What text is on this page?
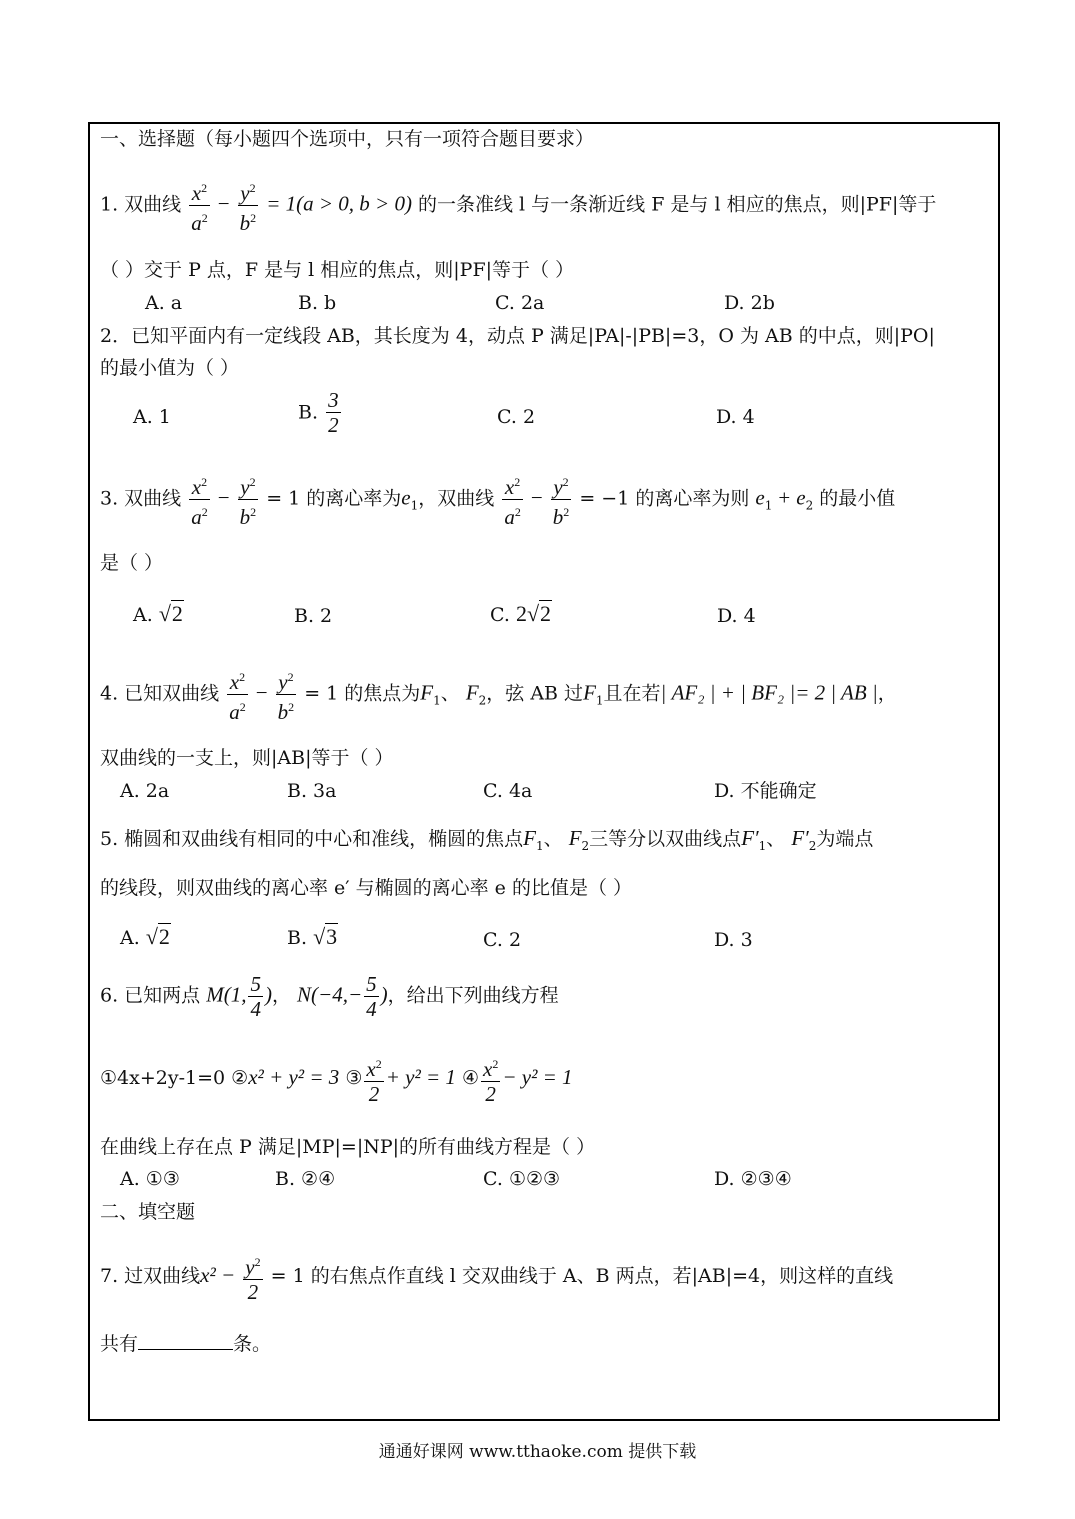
一、选择题（每小题四个选项中，只有一项符合题目要求）
1. 双曲线 $\frac{x^2}{a^2} - \frac{y^2}{b^2} = 1(a > 0$, b > 0) 的一条准线 l 与一条渐近线 F 是与 l 相应的焦点，则|PF|等于
（ ）交于 P 点，F 是与 l 相应的焦点，则|PF|等于（ ）
A. a	B. b	C. 2a	D. 2b
2．已知平面内有一定线段 AB，其长度为 4，动点 P 满足|PA|-|PB|=3，O 为 AB 的中点，则|PO|
的最小值为（ ）
A. 1	B. $\frac{3}{2}$	C. 2	D. 4
3. 双曲线 $\frac{x^2}{a^2} - \frac{y^2}{b^2} = 1$ 的离心率为$e_1$，双曲线 $\frac{x^2}{a^2} - \frac{y^2}{b^2} = -1$ 的离心率为则 $e_1 + e_2$ 的最小值
是（ ）
A. √2	B. 2	C. 2√2	D. 4
4. 已知双曲线 $\frac{x^2}{a^2} - \frac{y^2}{b^2} = 1$ 的焦点为$F_1$、 $F_2$，弦 AB 过$F_1$且在若| AF₂ | + | BF₂ |= 2 | AB |，
双曲线的一支上，则|AB|等于（ ）
A. 2a	B. 3a	C. 4a	D. 不能确定
5. 椭圆和双曲线有相同的中心和准线，椭圆的焦点$F_1$、 $F_2$三等分以双曲线点$F'_1$、 $F'_2$为端点
的线段，则双曲线的离心率 e′ 与椭圆的离心率 e 的比值是（ ）
A. √2	B. √3	C. 2	D. 3
6. 已知两点 M(1, $\frac{5}{4}$ )， $N(-4,- \frac{5}{4}$ )，给出下列曲线方程
①4x+2y-1=0 ②x² + y² = 3 ③ $\frac{x^2}{2} + y^2 = 1$ ④ $\frac{x^2}{2} - y^2 = 1$
在曲线上存在点 P 满足|MP|=|NP|的所有曲线方程是（ ）
A. ①③	B. ②④	C. ①②③	D. ②③④
二、填空题
7. 过双曲线$x^2 - \frac{y^2}{2} = 1$ 的右焦点作直线 l 交双曲线于 A、B 两点，若|AB|=4，则这样的直线
共有	条。
通通好课网 www.tthaoke.com 提供下载
